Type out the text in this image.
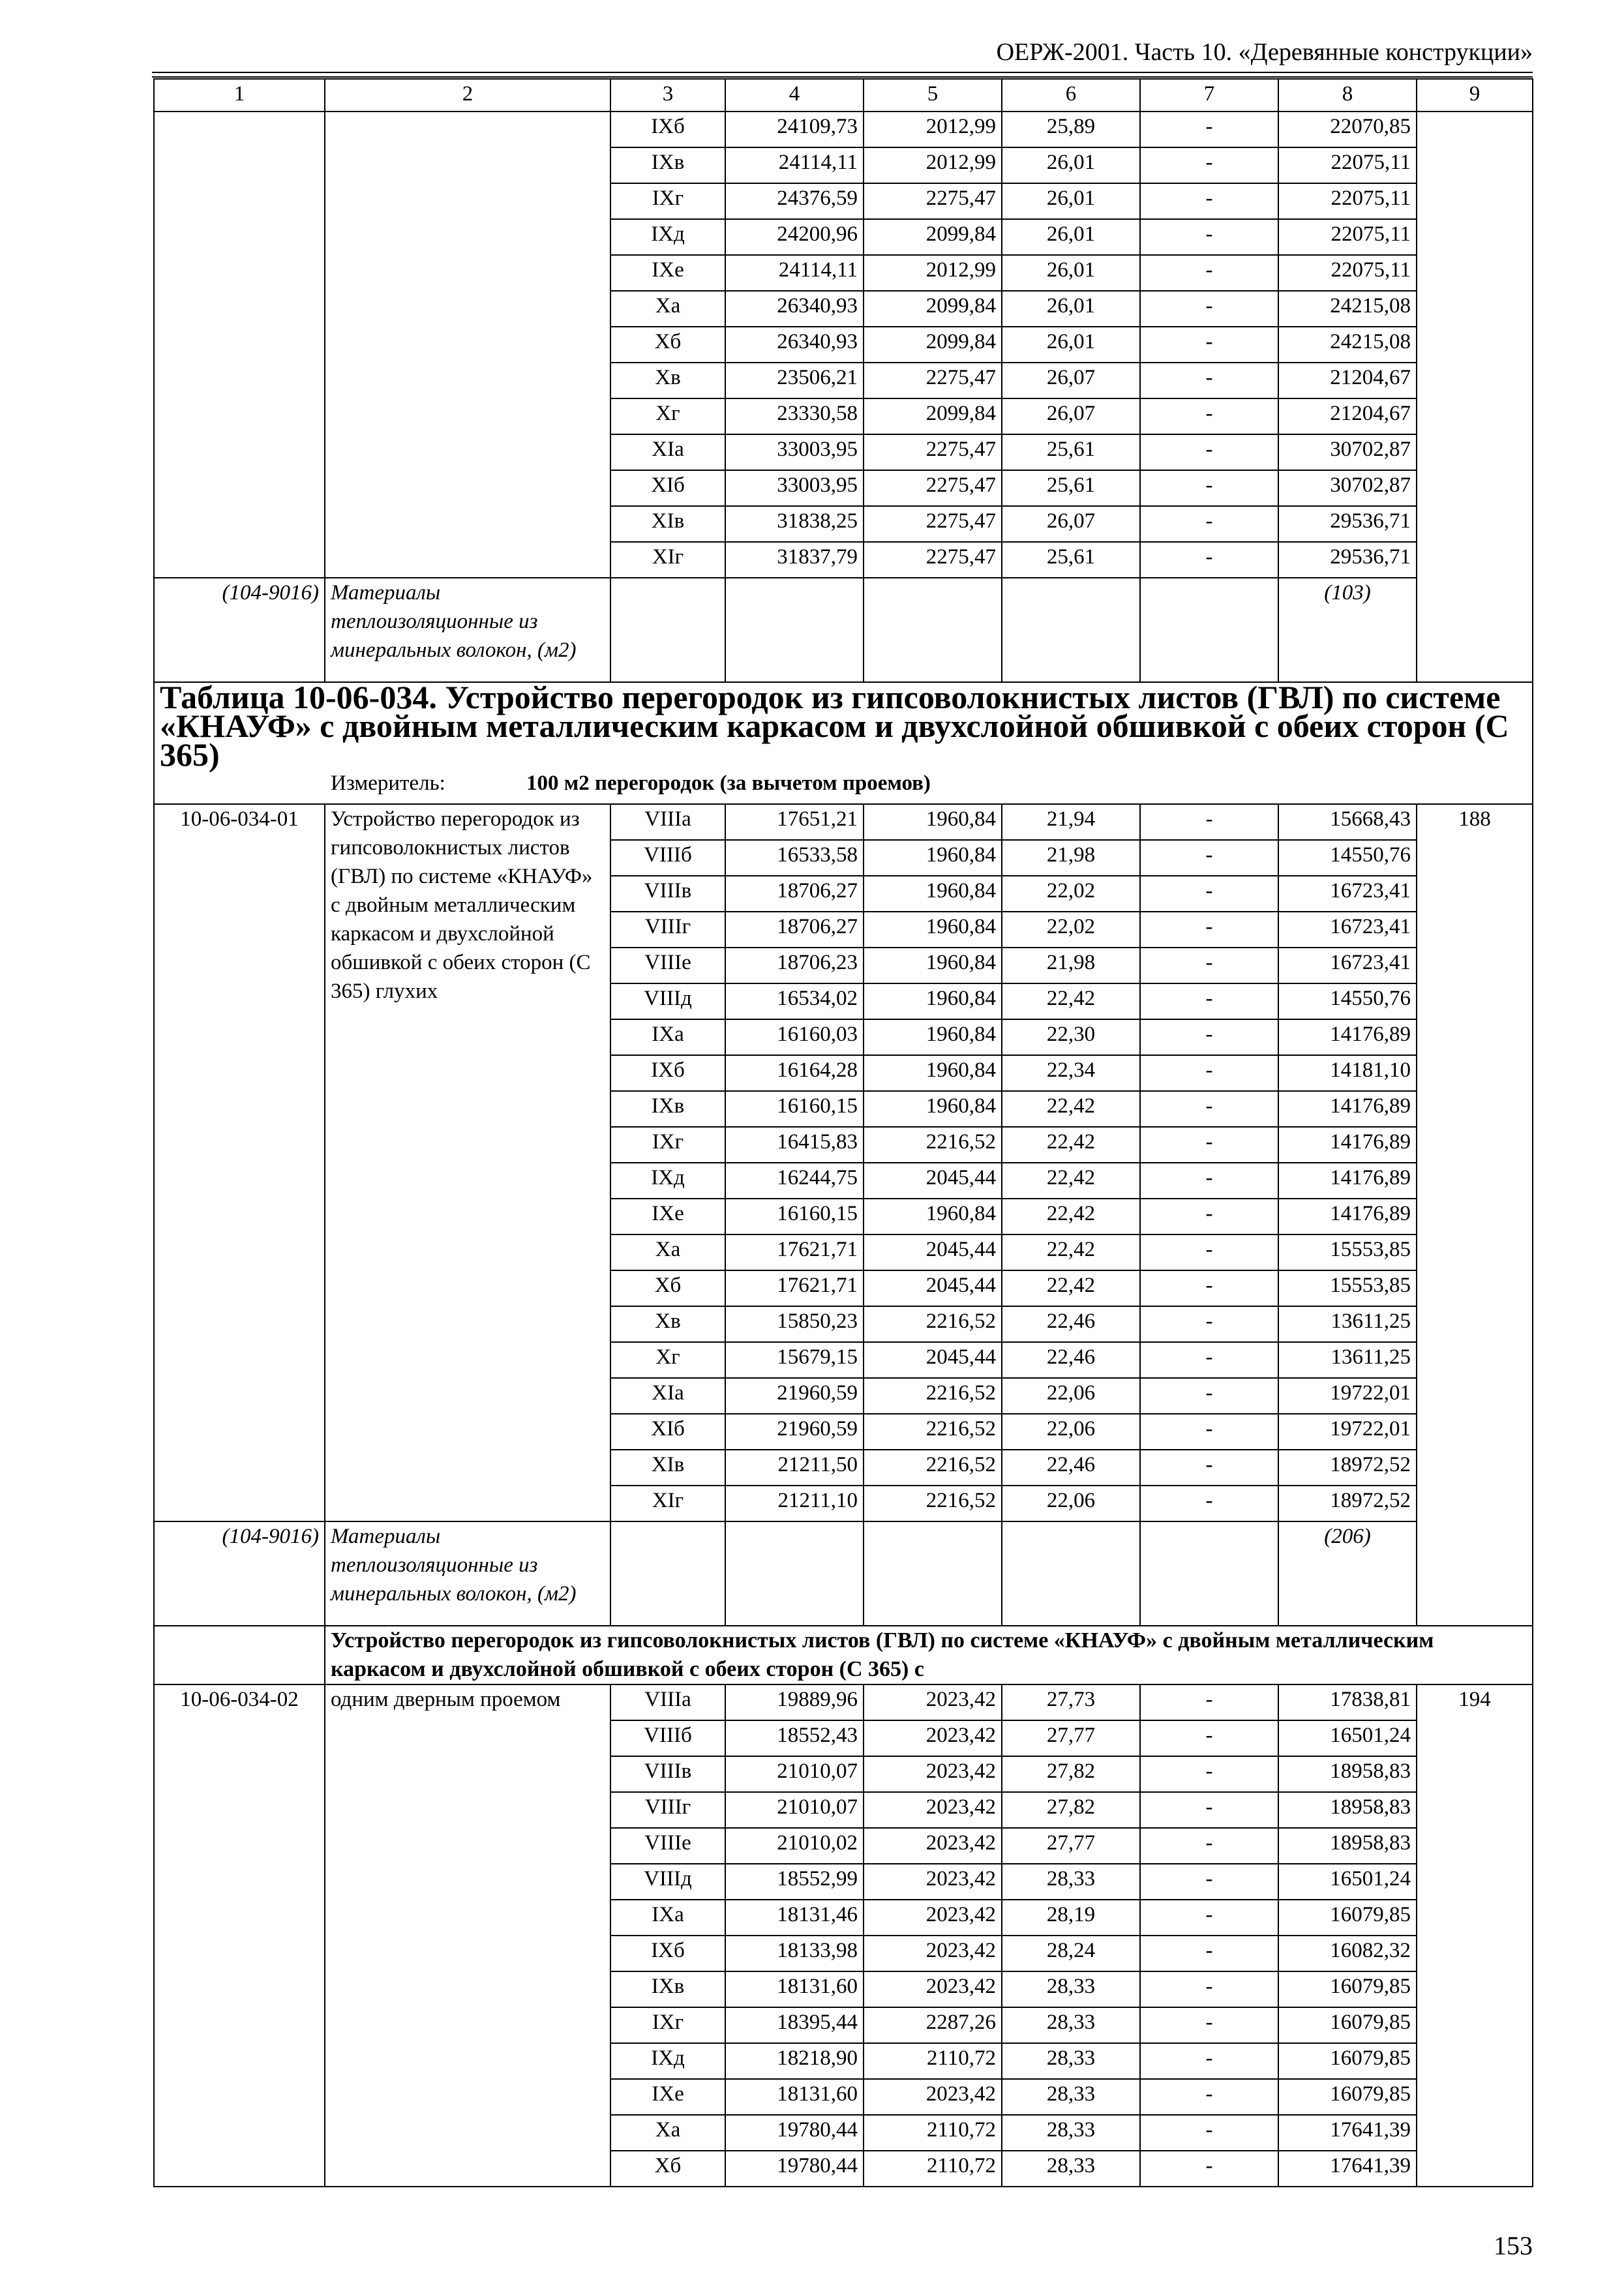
ОЕРЖ-2001. Часть 10. «Деревянные конструкции»
1	2	3	4	5	6	7	8	9
		IXб	24109,73	2012,99	25,89	-	22070,85	
		IXв	24114,11	2012,99	26,01	-	22075,11	
		IXг	24376,59	2275,47	26,01	-	22075,11	
		IXд	24200,96	2099,84	26,01	-	22075,11	
		IXе	24114,11	2012,99	26,01	-	22075,11	
		Xа	26340,93	2099,84	26,01	-	24215,08	
		Xб	26340,93	2099,84	26,01	-	24215,08	
		Xв	23506,21	2275,47	26,07	-	21204,67	
		Xг	23330,58	2099,84	26,07	-	21204,67	
		XIа	33003,95	2275,47	25,61	-	30702,87	
		XIб	33003,95	2275,47	25,61	-	30702,87	
		XIв	31838,25	2275,47	26,07	-	29536,71	
		XIг	31837,79	2275,47	25,61	-	29536,71	
(104-9016)	Материалы теплоизоляционные из минеральных волокон, (м2)						(103)	
Таблица 10-06-034. Устройство перегородок из гипсоволокнистых листов (ГВЛ) по системе «КНАУФ» с двойным металлическим каркасом и двухслойной обшивкой с обеих сторон (С 365)								
Измеритель: 100 м2 перегородок (за вычетом проемов)								
10-06-034-01	Устройство перегородок из гипсоволокнистых листов (ГВЛ) по системе «КНАУФ» с двойным металлическим каркасом и двухслойной обшивкой с обеих сторон (С 365) глухих	VIIIа	17651,21	1960,84	21,94	-	15668,43	188
		VIIIб	16533,58	1960,84	21,98	-	14550,76	
		VIIIв	18706,27	1960,84	22,02	-	16723,41	
		VIIIг	18706,27	1960,84	22,02	-	16723,41	
		VIIIе	18706,23	1960,84	21,98	-	16723,41	
		VIIIд	16534,02	1960,84	22,42	-	14550,76	
		IXа	16160,03	1960,84	22,30	-	14176,89	
		IXб	16164,28	1960,84	22,34	-	14181,10	
		IXв	16160,15	1960,84	22,42	-	14176,89	
		IXг	16415,83	2216,52	22,42	-	14176,89	
		IXд	16244,75	2045,44	22,42	-	14176,89	
		IXе	16160,15	1960,84	22,42	-	14176,89	
		Xа	17621,71	2045,44	22,42	-	15553,85	
		Xб	17621,71	2045,44	22,42	-	15553,85	
		Xв	15850,23	2216,52	22,46	-	13611,25	
		Xг	15679,15	2045,44	22,46	-	13611,25	
		XIа	21960,59	2216,52	22,06	-	19722,01	
		XIб	21960,59	2216,52	22,06	-	19722,01	
		XIв	21211,50	2216,52	22,46	-	18972,52	
		XIг	21211,10	2216,52	22,06	-	18972,52	
(104-9016)	Материалы теплоизоляционные из минеральных волокон, (м2)						(206)	
	Устройство перегородок из гипсоволокнистых листов (ГВЛ) по системе «КНАУФ» с двойным металлическим каркасом и двухслойной обшивкой с обеих сторон (С 365) с							
10-06-034-02	одним дверным проемом	VIIIа	19889,96	2023,42	27,73	-	17838,81	194
		VIIIб	18552,43	2023,42	27,77	-	16501,24	
		VIIIв	21010,07	2023,42	27,82	-	18958,83	
		VIIIг	21010,07	2023,42	27,82	-	18958,83	
		VIIIе	21010,02	2023,42	27,77	-	18958,83	
		VIIIд	18552,99	2023,42	28,33	-	16501,24	
		IXа	18131,46	2023,42	28,19	-	16079,85	
		IXб	18133,98	2023,42	28,24	-	16082,32	
		IXв	18131,60	2023,42	28,33	-	16079,85	
		IXг	18395,44	2287,26	28,33	-	16079,85	
		IXд	18218,90	2110,72	28,33	-	16079,85	
		IXе	18131,60	2023,42	28,33	-	16079,85	
		Xа	19780,44	2110,72	28,33	-	17641,39	
		Xб	19780,44	2110,72	28,33	-	17641,39	
153
